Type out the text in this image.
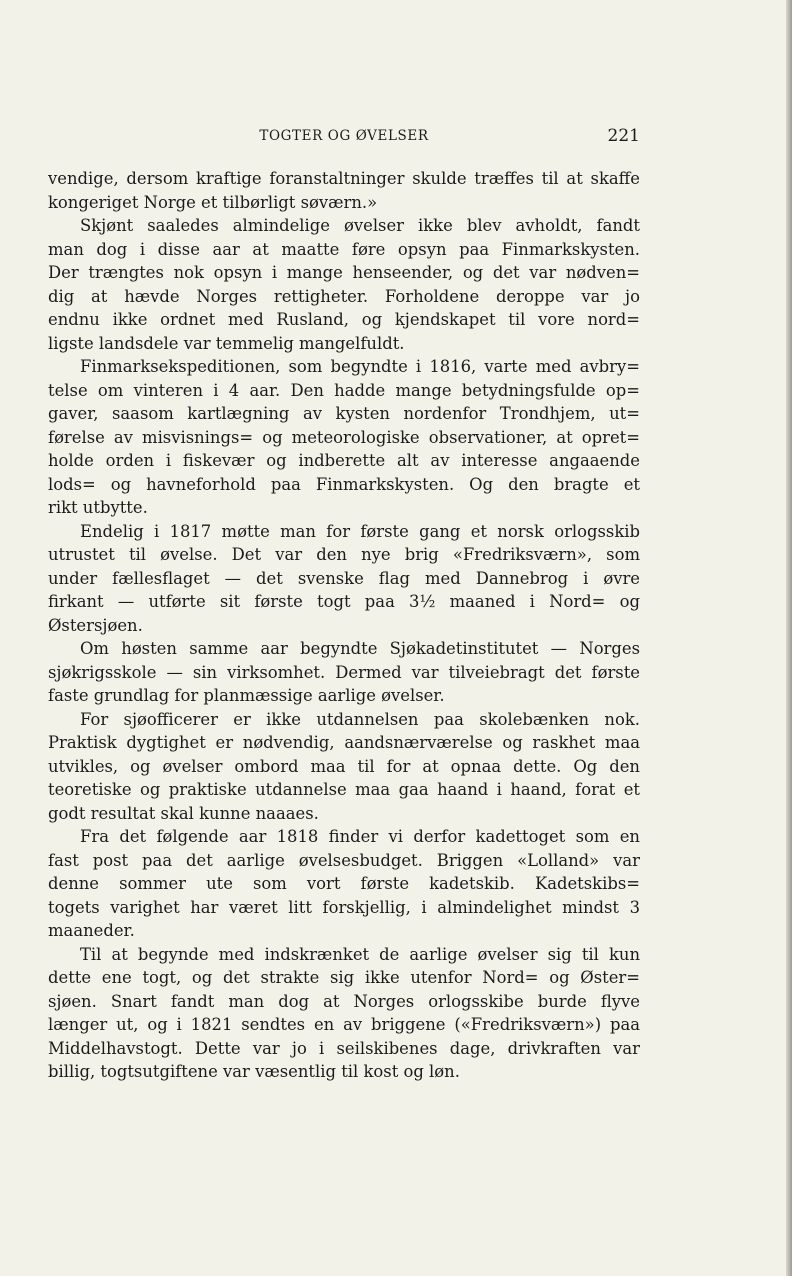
TOGTER OG ØVELSER	221
vendige, dersom kraftige foranstaltninger skulde træffes til at skaffe
kongeriget Norge et tilbørligt søværn.»
Skjønt saaledes almindelige øvelser ikke blev avholdt, fandt
man dog i disse aar at maatte føre opsyn paa Finmarkskysten.
Der trængtes nok opsyn i mange henseender, og det var nødven=
dig at hævde Norges rettigheter. Forholdene deroppe var jo
endnu ikke ordnet med Rusland, og kjendskapet til vore nord=
ligste landsdele var temmelig mangelfuldt.
Finmarksekspeditionen, som begyndte i 1816, varte med avbry=
telse om vinteren i 4 aar. Den hadde mange betydningsfulde op=
gaver, saasom kartlægning av kysten nordenfor Trondhjem, ut=
førelse av misvisnings= og meteorologiske observationer, at opret=
holde orden i fiskevær og indberette alt av interesse angaaende
lods= og havneforhold paa Finmarkskysten. Og den bragte et
rikt utbytte.
Endelig i 1817 møtte man for første gang et norsk orlogsskib
utrustet til øvelse. Det var den nye brig «Fredriksværn», som
under fællesflaget — det svenske flag med Dannebrog i øvre
firkant — utførte sit første togt paa 3½ maaned i Nord= og
Østersjøen.
Om høsten samme aar begyndte Sjøkadetinstitutet — Norges
sjøkrigsskole — sin virksomhet. Dermed var tilveiebragt det første
faste grundlag for planmæssige aarlige øvelser.
For sjøofficerer er ikke utdannelsen paa skolebænken nok.
Praktisk dygtighet er nødvendig, aandsnærværelse og raskhet maa
utvikles, og øvelser ombord maa til for at opnaa dette. Og den
teoretiske og praktiske utdannelse maa gaa haand i haand, forat et
godt resultat skal kunne naaaes.
Fra det følgende aar 1818 finder vi derfor kadettoget som en
fast post paa det aarlige øvelsesbudget. Briggen «Lolland» var
denne sommer ute som vort første kadetskib. Kadetskibs=
togets varighet har været litt forskjellig, i almindelighet mindst 3
maaneder.
Til at begynde med indskrænket de aarlige øvelser sig til kun
dette ene togt, og det strakte sig ikke utenfor Nord= og Øster=
sjøen. Snart fandt man dog at Norges orlogsskibe burde flyve
længer ut, og i 1821 sendtes en av briggene («Fredriksværn») paa
Middelhavstogt. Dette var jo i seilskibenes dage, drivkraften var
billig, togtsutgiftene var væsentlig til kost og løn.
